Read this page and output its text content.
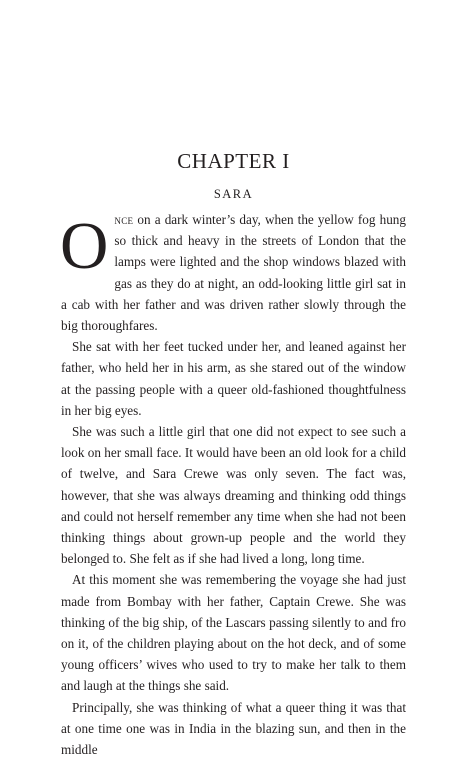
CHAPTER I
SARA

Once on a dark winter’s day, when the yellow fog hung so thick and heavy in the streets of London that the lamps were lighted and the shop windows blazed with gas as they do at night, an odd-looking little girl sat in a cab with her father and was driven rather slowly through the big thoroughfares.

She sat with her feet tucked under her, and leaned against her father, who held her in his arm, as she stared out of the window at the passing people with a queer old-fashioned thoughtfulness in her big eyes.

She was such a little girl that one did not expect to see such a look on her small face. It would have been an old look for a child of twelve, and Sara Crewe was only seven. The fact was, however, that she was always dreaming and thinking odd things and could not herself remember any time when she had not been thinking things about grown-up people and the world they belonged to. She felt as if she had lived a long, long time.

At this moment she was remembering the voyage she had just made from Bombay with her father, Captain Crewe. She was thinking of the big ship, of the Lascars passing silently to and fro on it, of the children playing about on the hot deck, and of some young officers’ wives who used to try to make her talk to them and laugh at the things she said.

Principally, she was thinking of what a queer thing it was that at one time one was in India in the blazing sun, and then in the middle
